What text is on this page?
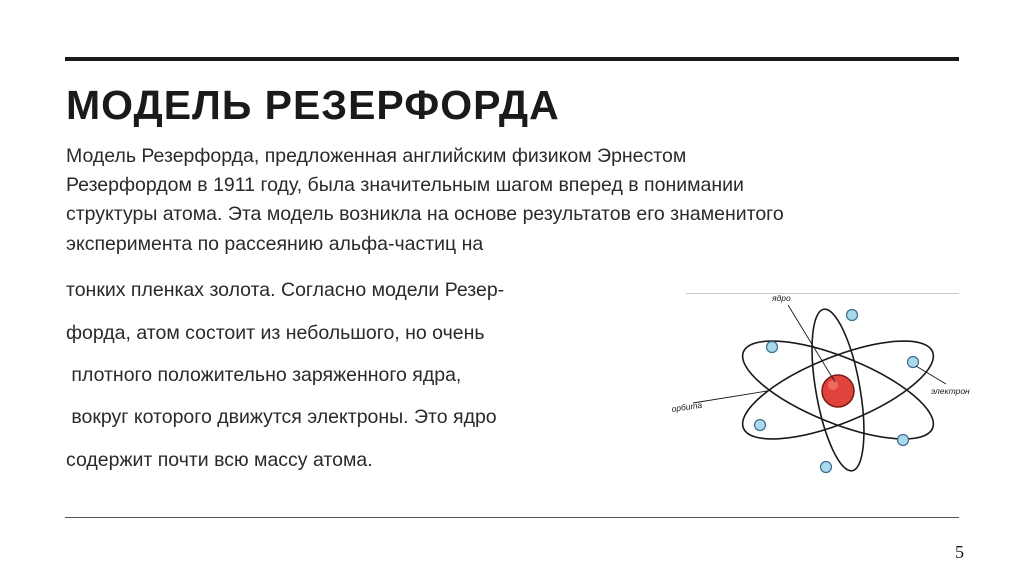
МОДЕЛЬ РЕЗЕРФОРДА
Модель Резерфорда, предложенная английским физиком Эрнестом
Резерфордом в 1911 году, была значительным шагом вперед в понимании
структуры атома. Эта модель возникла на основе результатов его знаменитого
эксперимента по рассеянию альфа-частиц на
тонких пленках золота. Согласно модели Резер-
форда, атом состоит из небольшого, но очень
плотного положительно заряженного ядра,
вокруг которого движутся электроны. Это ядро
содержит почти всю массу атома.
ядро
электрон
орбита
5
